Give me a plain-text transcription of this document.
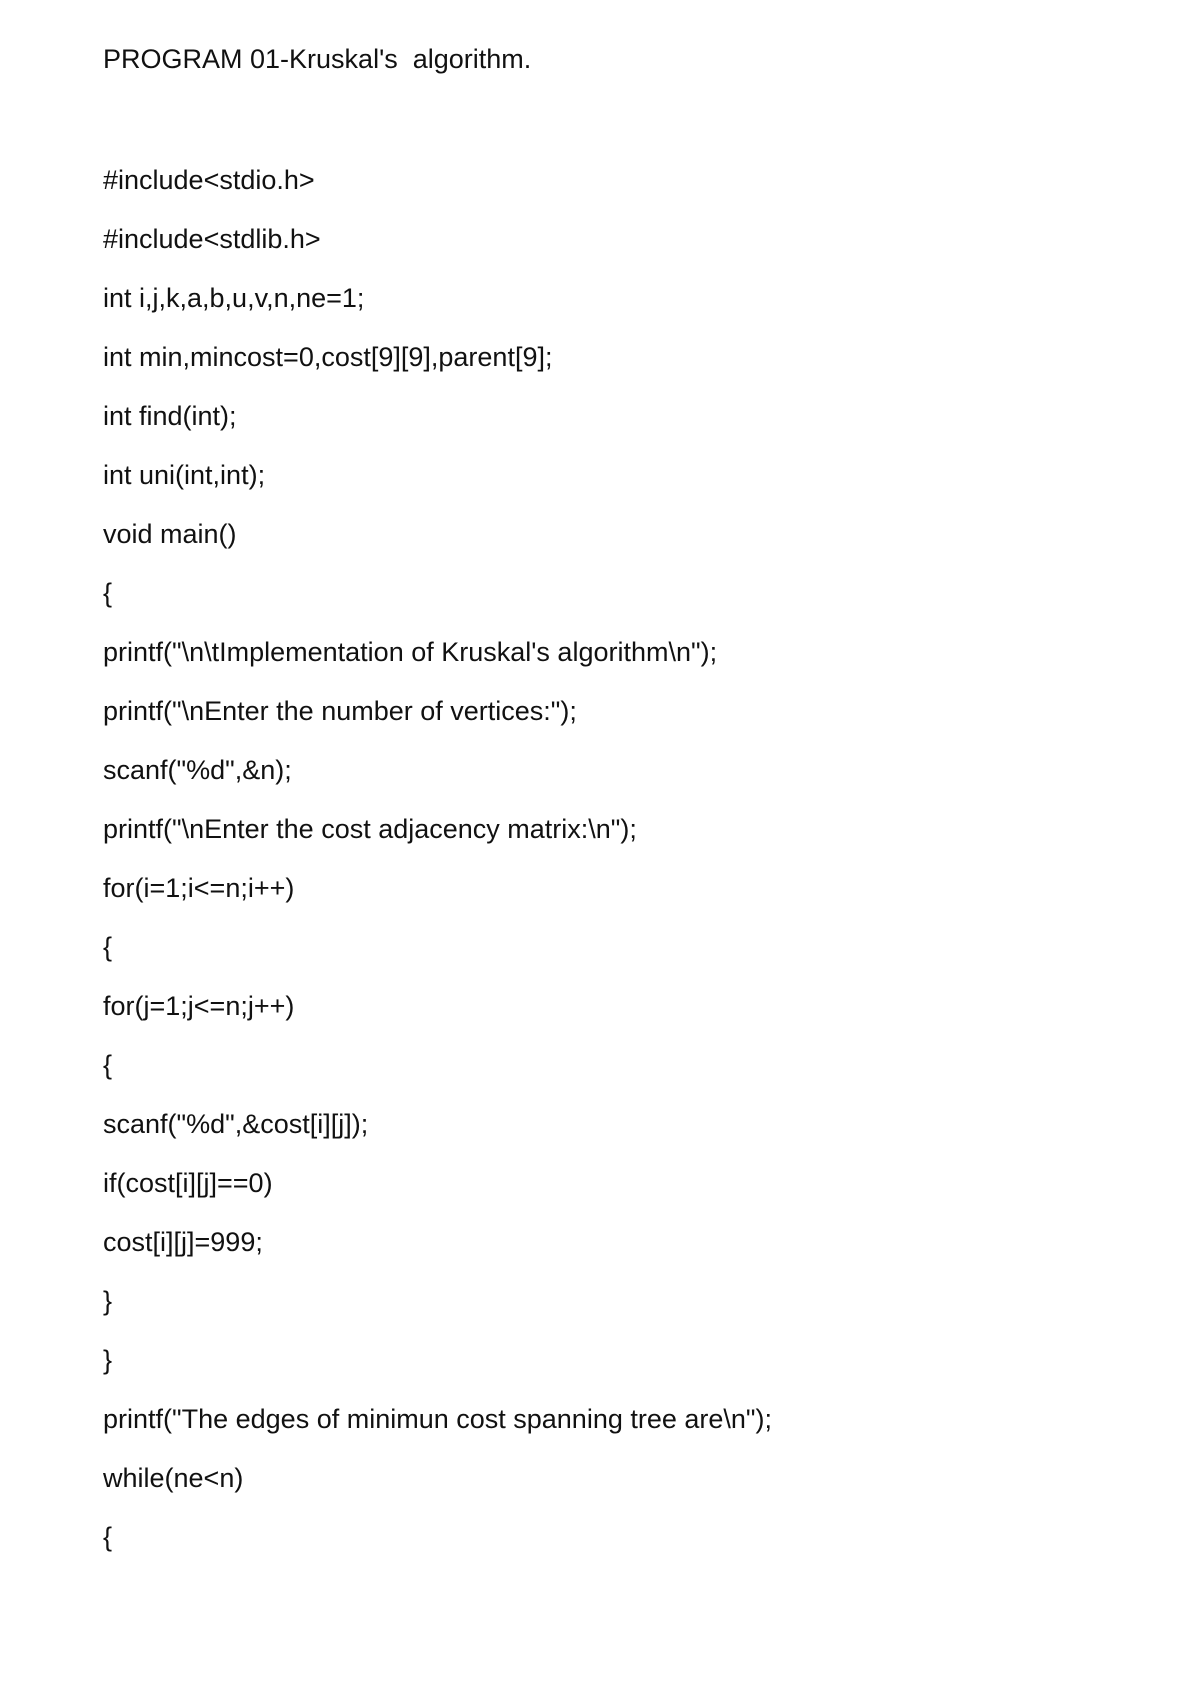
PROGRAM 01-Kruskal's  algorithm.
#include<stdio.h>
#include<stdlib.h>
int i,j,k,a,b,u,v,n,ne=1;
int min,mincost=0,cost[9][9],parent[9];
int find(int);
int uni(int,int);
void main()
{
printf("\n\tImplementation of Kruskal's algorithm\n");
printf("\nEnter the number of vertices:");
scanf("%d",&n);
printf("\nEnter the cost adjacency matrix:\n");
for(i=1;i<=n;i++)
{
for(j=1;j<=n;j++)
{
scanf("%d",&cost[i][j]);
if(cost[i][j]==0)
cost[i][j]=999;
}
}
printf("The edges of minimun cost spanning tree are\n");
while(ne<n)
{
